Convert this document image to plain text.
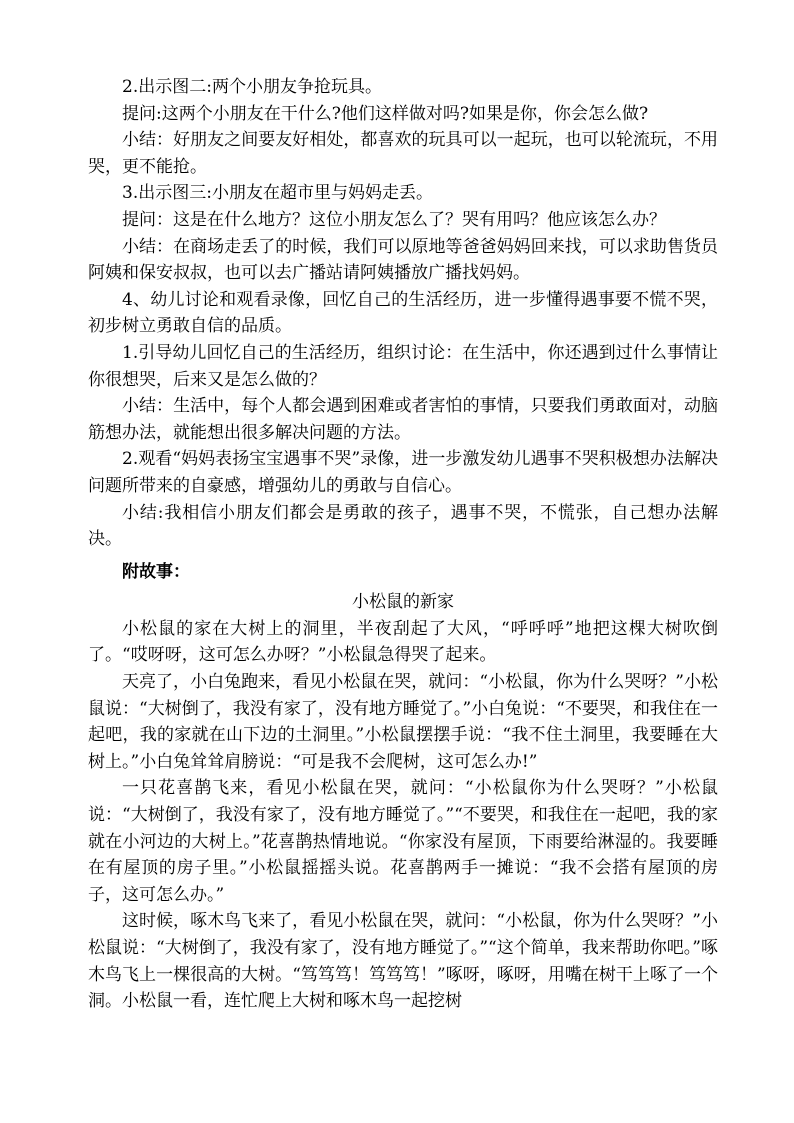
2.出示图二:两个小朋友争抢玩具。

提问:这两个小朋友在干什么?他们这样做对吗?如果是你，你会怎么做?

小结：好朋友之间要友好相处，都喜欢的玩具可以一起玩，也可以轮流玩，不用哭，更不能抢。

3.出示图三:小朋友在超市里与妈妈走丢。

提问：这是在什么地方？这位小朋友怎么了？哭有用吗？他应该怎么办？

小结：在商场走丢了的时候，我们可以原地等爸爸妈妈回来找，可以求助售货员阿姨和保安叔叔，也可以去广播站请阿姨播放广播找妈妈。

4、幼儿讨论和观看录像，回忆自己的生活经历，进一步懂得遇事要不慌不哭，初步树立勇敢自信的品质。

1.引导幼儿回忆自己的生活经历，组织讨论：在生活中，你还遇到过什么事情让你很想哭，后来又是怎么做的？

小结：生活中，每个人都会遇到困难或者害怕的事情，只要我们勇敢面对，动脑筋想办法，就能想出很多解决问题的方法。

2.观看“妈妈表扬宝宝遇事不哭”录像，进一步激发幼儿遇事不哭积极想办法解决问题所带来的自豪感，增强幼儿的勇敢与自信心。

小结:我相信小朋友们都会是勇敢的孩子，遇事不哭，不慌张，自己想办法解决。

附故事：

小松鼠的新家

小松鼠的家在大树上的洞里，半夜刮起了大风，“呼呼呼”地把这棵大树吹倒了。“哎呀呀，这可怎么办呀？”小松鼠急得哭了起来。

天亮了，小白兔跑来，看见小松鼠在哭，就问：“小松鼠，你为什么哭呀？”小松鼠说：“大树倒了，我没有家了，没有地方睡觉了。”小白兔说：“不要哭，和我住在一起吧，我的家就在山下边的土洞里。”小松鼠摆摆手说：“我不住土洞里，我要睡在大树上。”小白兔耸耸肩膀说：“可是我不会爬树，这可怎么办!”

一只花喜鹊飞来，看见小松鼠在哭，就问：“小松鼠你为什么哭呀？”小松鼠说：“大树倒了，我没有家了，没有地方睡觉了。”“不要哭，和我住在一起吧，我的家就在小河边的大树上。”花喜鹊热情地说。“你家没有屋顶，下雨要给淋湿的。我要睡在有屋顶的房子里。”小松鼠摇摇头说。花喜鹊两手一摊说：“我不会搭有屋顶的房子，这可怎么办。”

这时候，啄木鸟飞来了，看见小松鼠在哭，就问：“小松鼠，你为什么哭呀？”小松鼠说：“大树倒了，我没有家了，没有地方睡觉了。”“这个简单，我来帮助你吧。”啄木鸟飞上一棵很高的大树。“笃笃笃！笃笃笃！”啄呀，啄呀，用嘴在树干上啄了一个洞。小松鼠一看，连忙爬上大树和啄木鸟一起挖树
